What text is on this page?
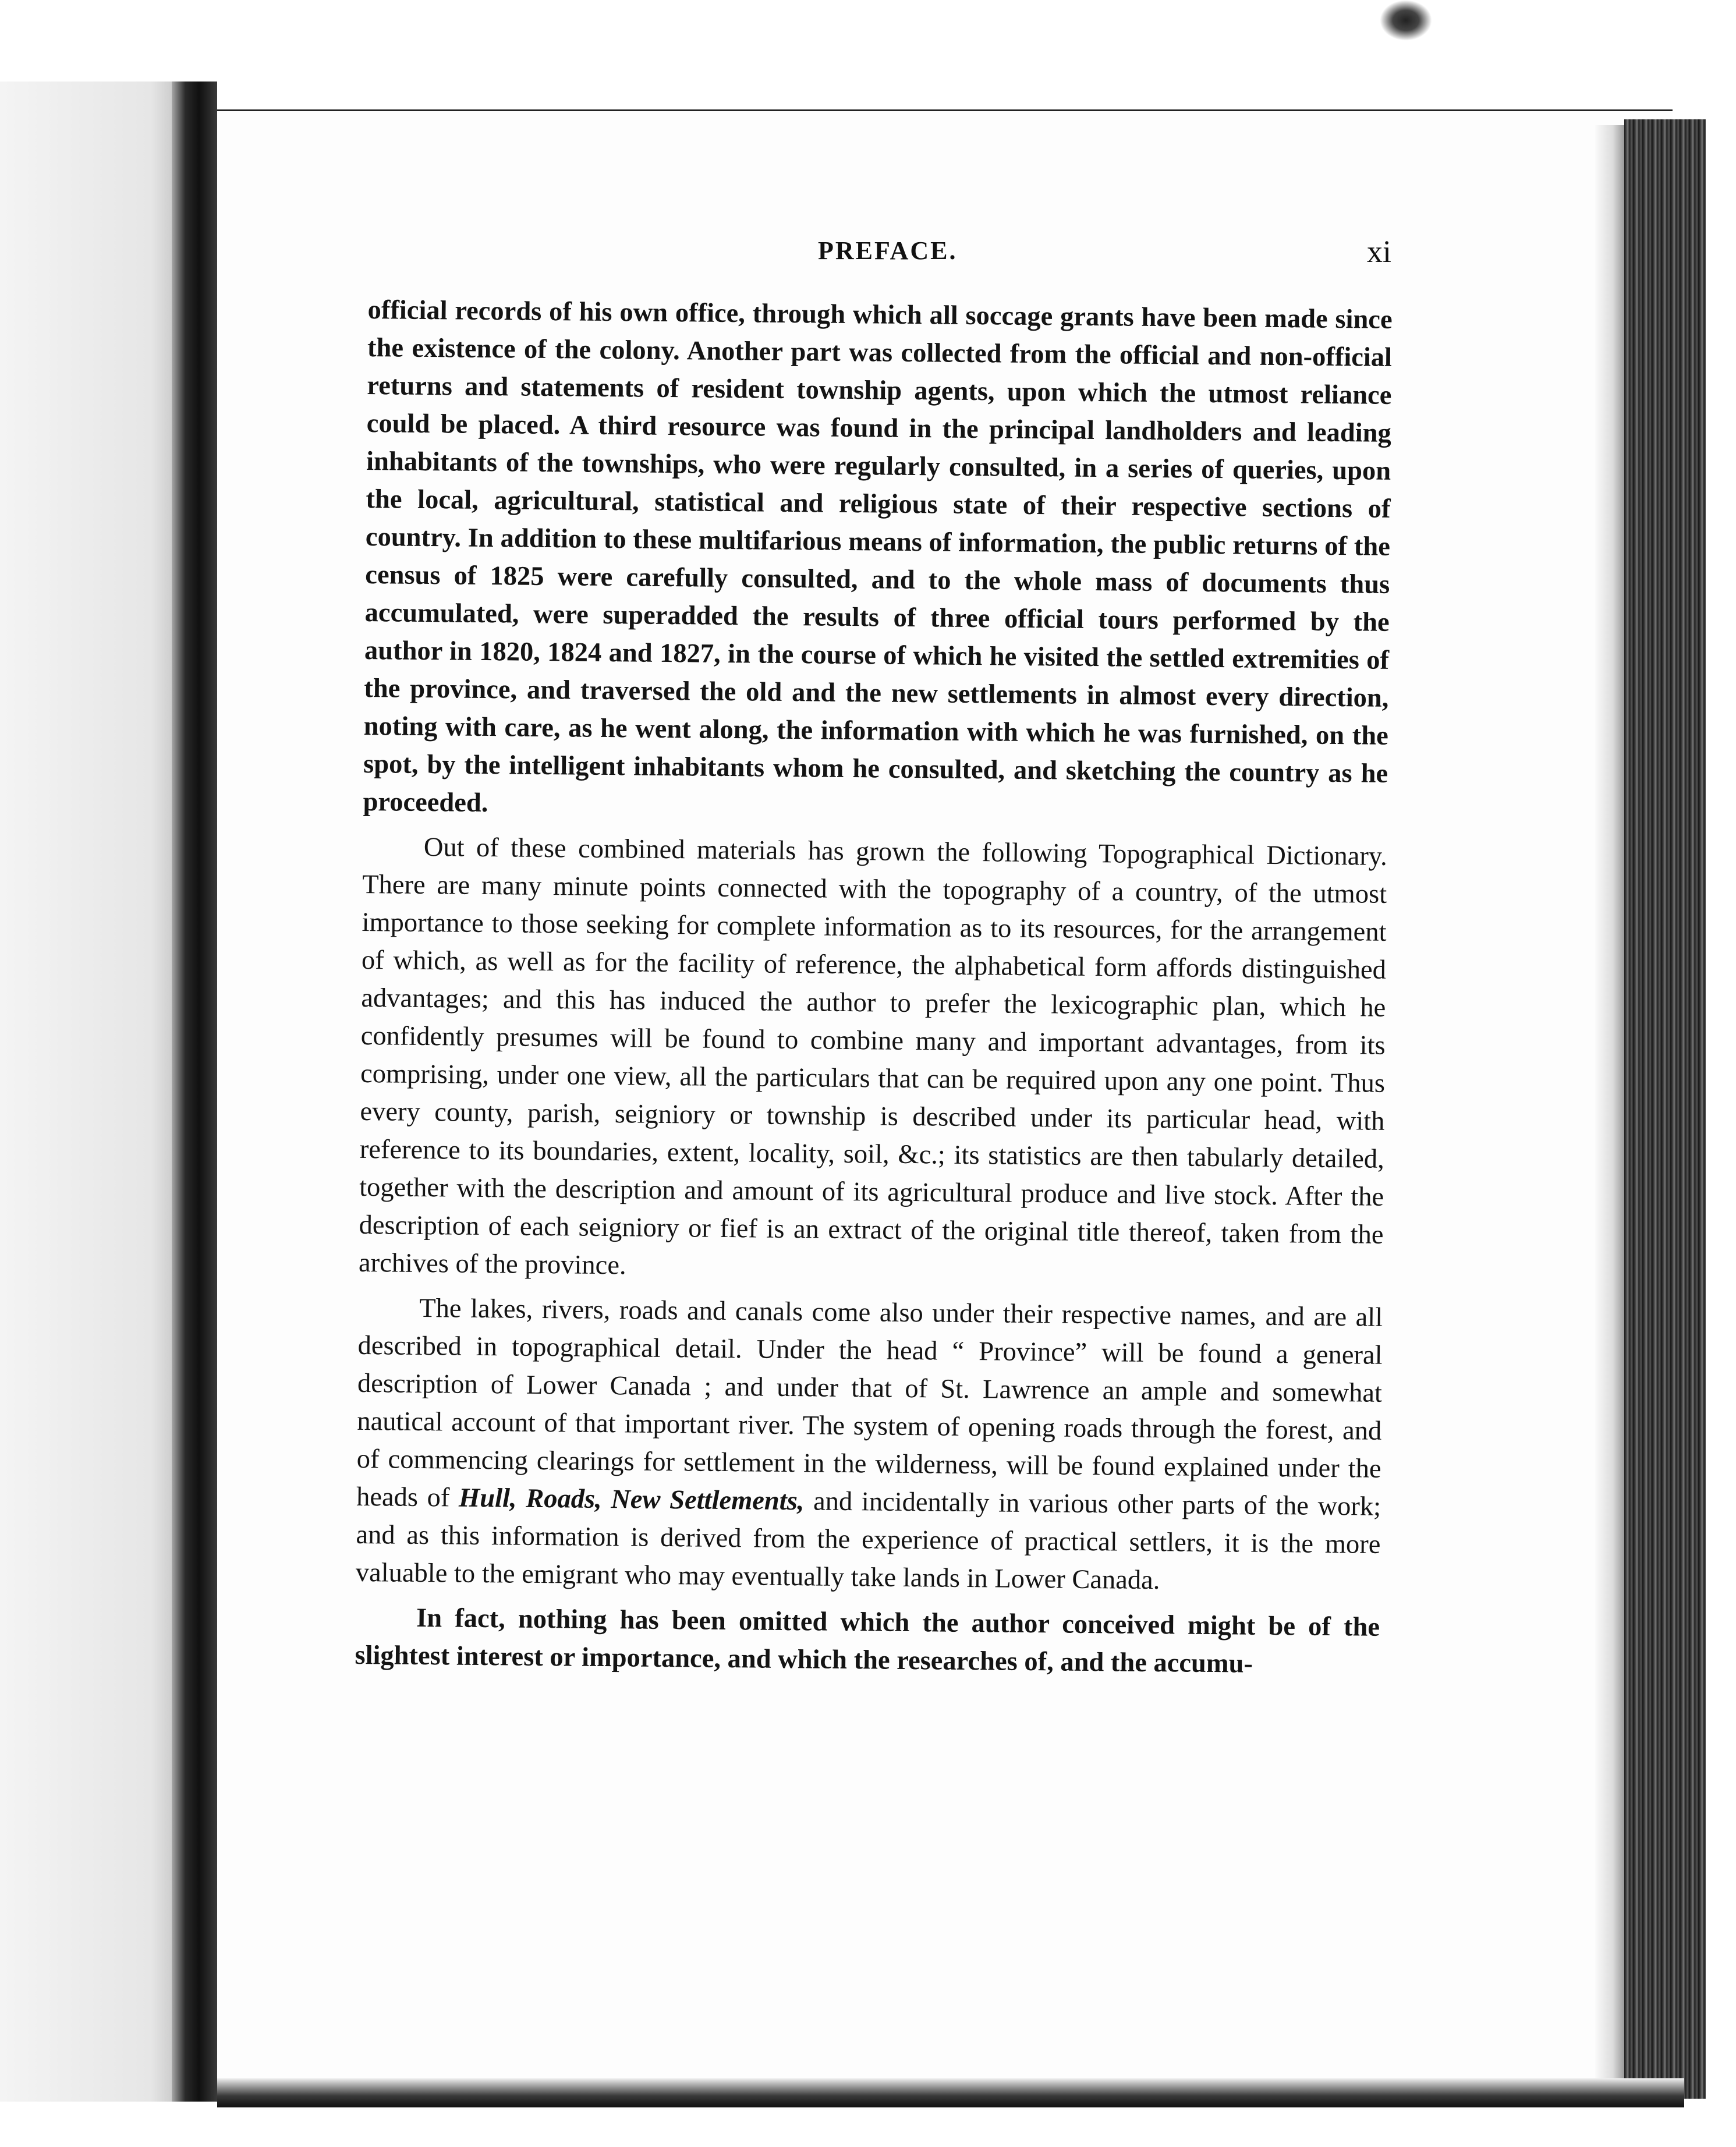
PREFACE.	xi

official records of his own office, through which all soccage grants have been made since the existence of the colony. Another part was collected from the official and non-official returns and statements of resident township agents, upon which the utmost reliance could be placed. A third resource was found in the principal landholders and leading inhabitants of the townships, who were regularly consulted, in a series of queries, upon the local, agricultural, statistical and religious state of their respective sections of country. In addition to these multifarious means of information, the public returns of the census of 1825 were carefully consulted, and to the whole mass of documents thus accumulated, were superadded the results of three official tours performed by the author in 1820, 1824 and 1827, in the course of which he visited the settled extremities of the province, and traversed the old and the new settlements in almost every direction, noting with care, as he went along, the information with which he was furnished, on the spot, by the intelligent inhabitants whom he consulted, and sketching the country as he proceeded.

Out of these combined materials has grown the following Topographical Dictionary. There are many minute points connected with the topography of a country, of the utmost importance to those seeking for complete information as to its resources, for the arrangement of which, as well as for the facility of reference, the alphabetical form affords distinguished advantages; and this has induced the author to prefer the lexicographic plan, which he confidently presumes will be found to combine many and important advantages, from its comprising, under one view, all the particulars that can be required upon any one point. Thus every county, parish, seigniory or township is described under its particular head, with reference to its boundaries, extent, locality, soil, &c.; its statistics are then tabularly detailed, together with the description and amount of its agricultural produce and live stock. After the description of each seigniory or fief is an extract of the original title thereof, taken from the archives of the province.

The lakes, rivers, roads and canals come also under their respective names, and are all described in topographical detail. Under the head “ Province” will be found a general description of Lower Canada ; and under that of St. Lawrence an ample and somewhat nautical account of that important river. The system of opening roads through the forest, and of commencing clearings for settlement in the wilderness, will be found explained under the heads of Hull, Roads, New Settlements, and incidentally in various other parts of the work; and as this information is derived from the experience of practical settlers, it is the more valuable to the emigrant who may eventually take lands in Lower Canada.

In fact, nothing has been omitted which the author conceived might be of the slightest interest or importance, and which the researches of, and the accumu-
